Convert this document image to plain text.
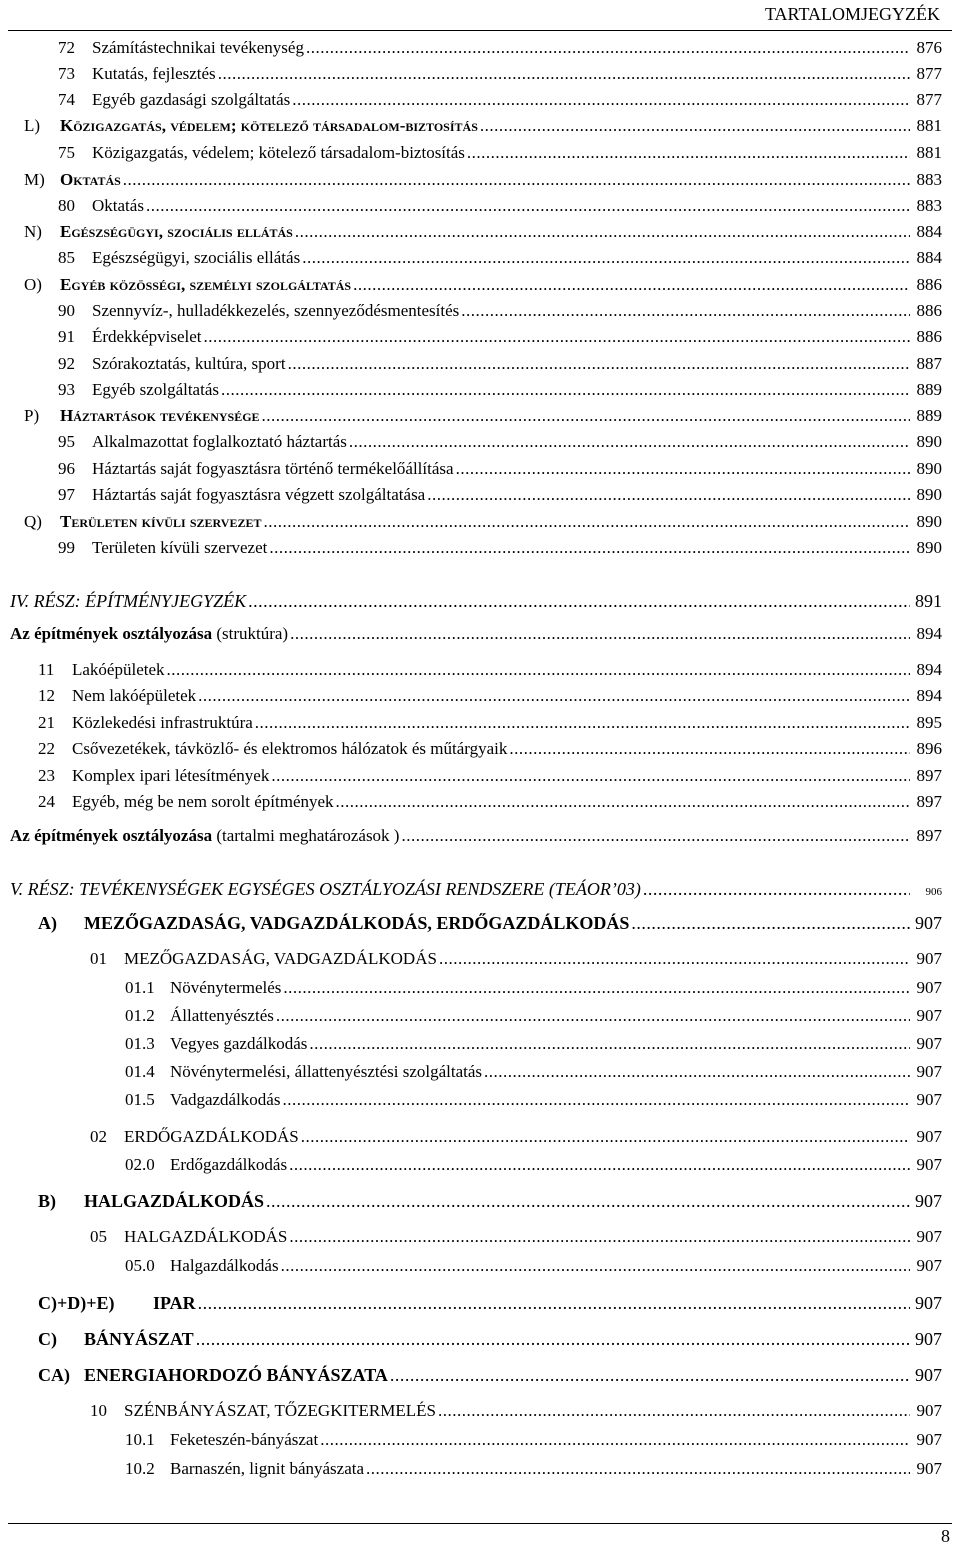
TARTALOMJEGYZÉK
72	Számítástechnikai tevékenység .....	876
73	Kutatás, fejlesztés .....	877
74	Egyéb gazdasági szolgáltatás .....	877
L)	Közigazgatás, védelem; kötelező társadalom-biztosítás .....	881
75	Közigazgatás, védelem; kötelező társadalom-biztosítás .....	881
M) Oktatás .....	883
80	Oktatás .....	883
N)	Egészségügyi, szociális ellátás .....	884
85	Egészségügyi, szociális ellátás .....	884
O)	Egyéb közösségi, személyi szolgáltatás .....	886
90	Szennyvíz-, hulladékkezelés, szennyeződésmentesítés .....	886
91	Érdekképviselet .....	886
92	Szórakoztatás, kultúra, sport .....	887
93	Egyéb szolgáltatás .....	889
P)	Háztartások tevékenysége .....	889
95	Alkalmazottat foglalkoztató háztartás .....	890
96	Háztartás saját fogyasztásra történő termékelőállítása .....	890
97	Háztartás saját fogyasztásra végzett szolgáltatása .....	890
Q)	Területen kívüli szervezet .....	890
99	Területen kívüli szervezet .....	890
IV. RÉSZ: ÉPÍTMÉNYJEGYZÉK .....	891
Az építmények osztályozása (struktúra) .....	894
11	Lakóépületek .....	894
12	Nem lakóépületek .....	894
21	Közlekedési infrastruktúra .....	895
22	Csővezetékek, távközlő- és elektromos hálózatok és műtárgyaik .....	896
23	Komplex ipari létesítmények .....	897
24	Egyéb, még be nem sorolt építmények .....	897
Az építmények osztályozása (tartalmi meghatározások ) .....	897
V. RÉSZ: TEVÉKENYSÉGEK EGYSÉGES OSZTÁLYOZÁSI RENDSZERE (TEÁOR’03) .....	906
A)	MEZŐGAZDASÁG, VADGAZDÁLKODÁS, ERDŐGAZDÁLKODÁS .....	907
01	MEZŐGAZDASÁG, VADGAZDÁLKODÁS .....	907
01.1 Növénytermelés .....	907
01.2 Állattenyésztés .....	907
01.3 Vegyes gazdálkodás .....	907
01.4 Növénytermelési, állattenyésztési szolgáltatás .....	907
01.5 Vadgazdálkodás .....	907
02	ERDŐGAZDÁLKODÁS .....	907
02.0 Erdőgazdálkodás .....	907
B)	HALGAZDÁLKODÁS .....	907
05	HALGAZDÁLKODÁS .....	907
05.0 Halgazdálkodás .....	907
C)+D)+E)	IPAR .....	907
C)	BÁNYÁSZAT .....	907
CA) ENERGIAHORDOZÓ BÁNYÁSZATA .....	907
10	SZÉNBÁNYÁSZAT, TŐZEGKITERMELÉS .....	907
10.1 Feketeszén-bányászat .....	907
10.2 Barnaszén, lignit bányászata .....	907
8
